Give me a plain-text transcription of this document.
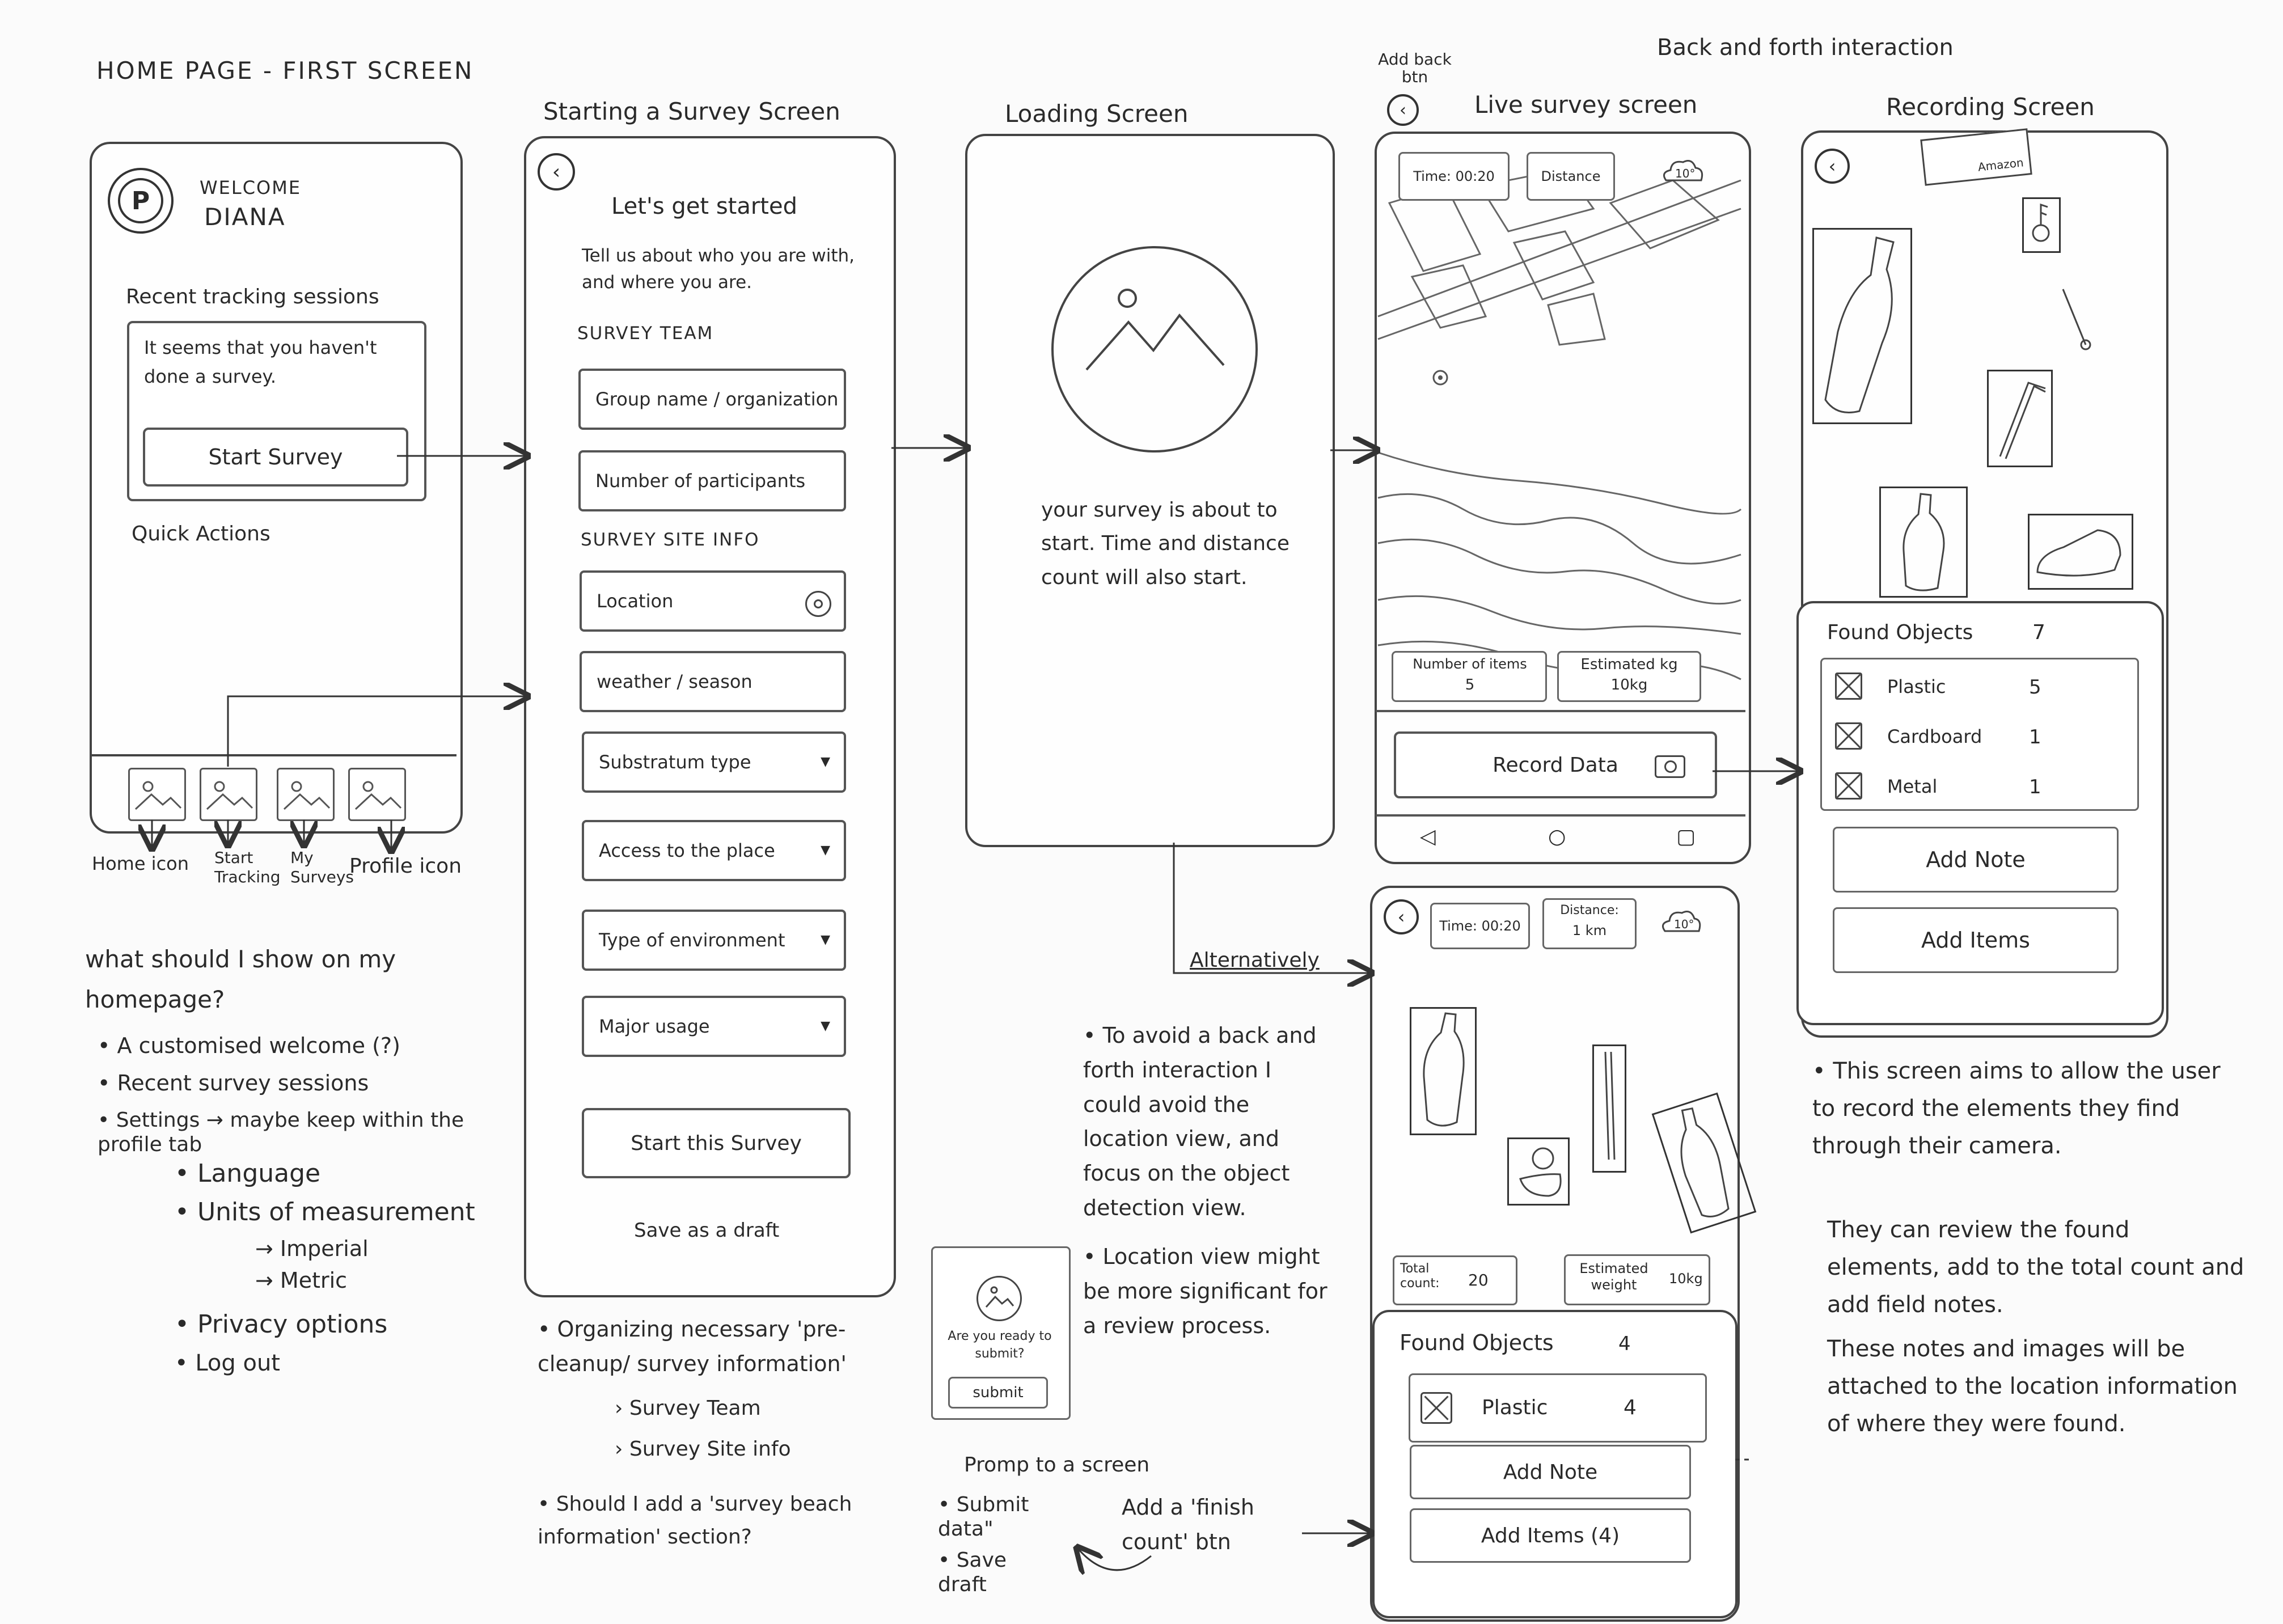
HOME PAGE - FIRST SCREEN
Starting a Survey Screen	Loading Screen	Live survey screen	Recording Screen
Back and forth interaction
Add back btn
P	WELCOME
DIANA
Recent tracking sessions
It seems that you haven't done a survey.
Start Survey
Quick Actions
Home icon Start Tracking
My Surveys
Profile icon
what should I show on my homepage?
• A customised welcome (?)
• Recent survey sessions
• Settings → maybe keep within the profile tab
• Language
• Units of measurement
→ Imperial
→ Metric
• Privacy options
• Log out
‹
Let's get started
Tell us about who you are with, and where you are.
SURVEY TEAM
Group name / organization
Number of participants
SURVEY SITE INFO
Location
weather / season
Substratum type	▼
Access to the place	▼
Type of environment	▼
Major usage	▼
Start this Survey
Save as a draft
• Organizing necessary 'pre-cleanup/ survey information'
› Survey Team
› Survey Site info
• Should I add a 'survey beach information' section?
your survey is about to start. Time and distance count will also start.
Alternatively
• To avoid a back and forth interaction I could avoid the location view, and focus on the object detection view.
• Location view might be more significant for a review process.
Are you ready to submit?
submit
Promp to a screen
• Submit data"
• Save draft
Add a 'finish count' btn
‹
Time: 00:20	Distance	10°
Number of items
5
Estimated kg
10kg
Record Data
◁	○	▢
‹	Time: 00:20
Distance:
1 km	10°
Total count:	20
Estimated weight	10kg
Found Objects	4
Plastic	4
Add Note
Add Items (4)
‹	Amazon
Found Objects	7
Plastic	5
Cardboard 1
Metal	1
Add Note
Add Items
• This screen aims to allow the user to record the elements they find through their camera.
They can review the found elements, add to the total count and add field notes.
These notes and images will be attached to the location information of where they were found.
